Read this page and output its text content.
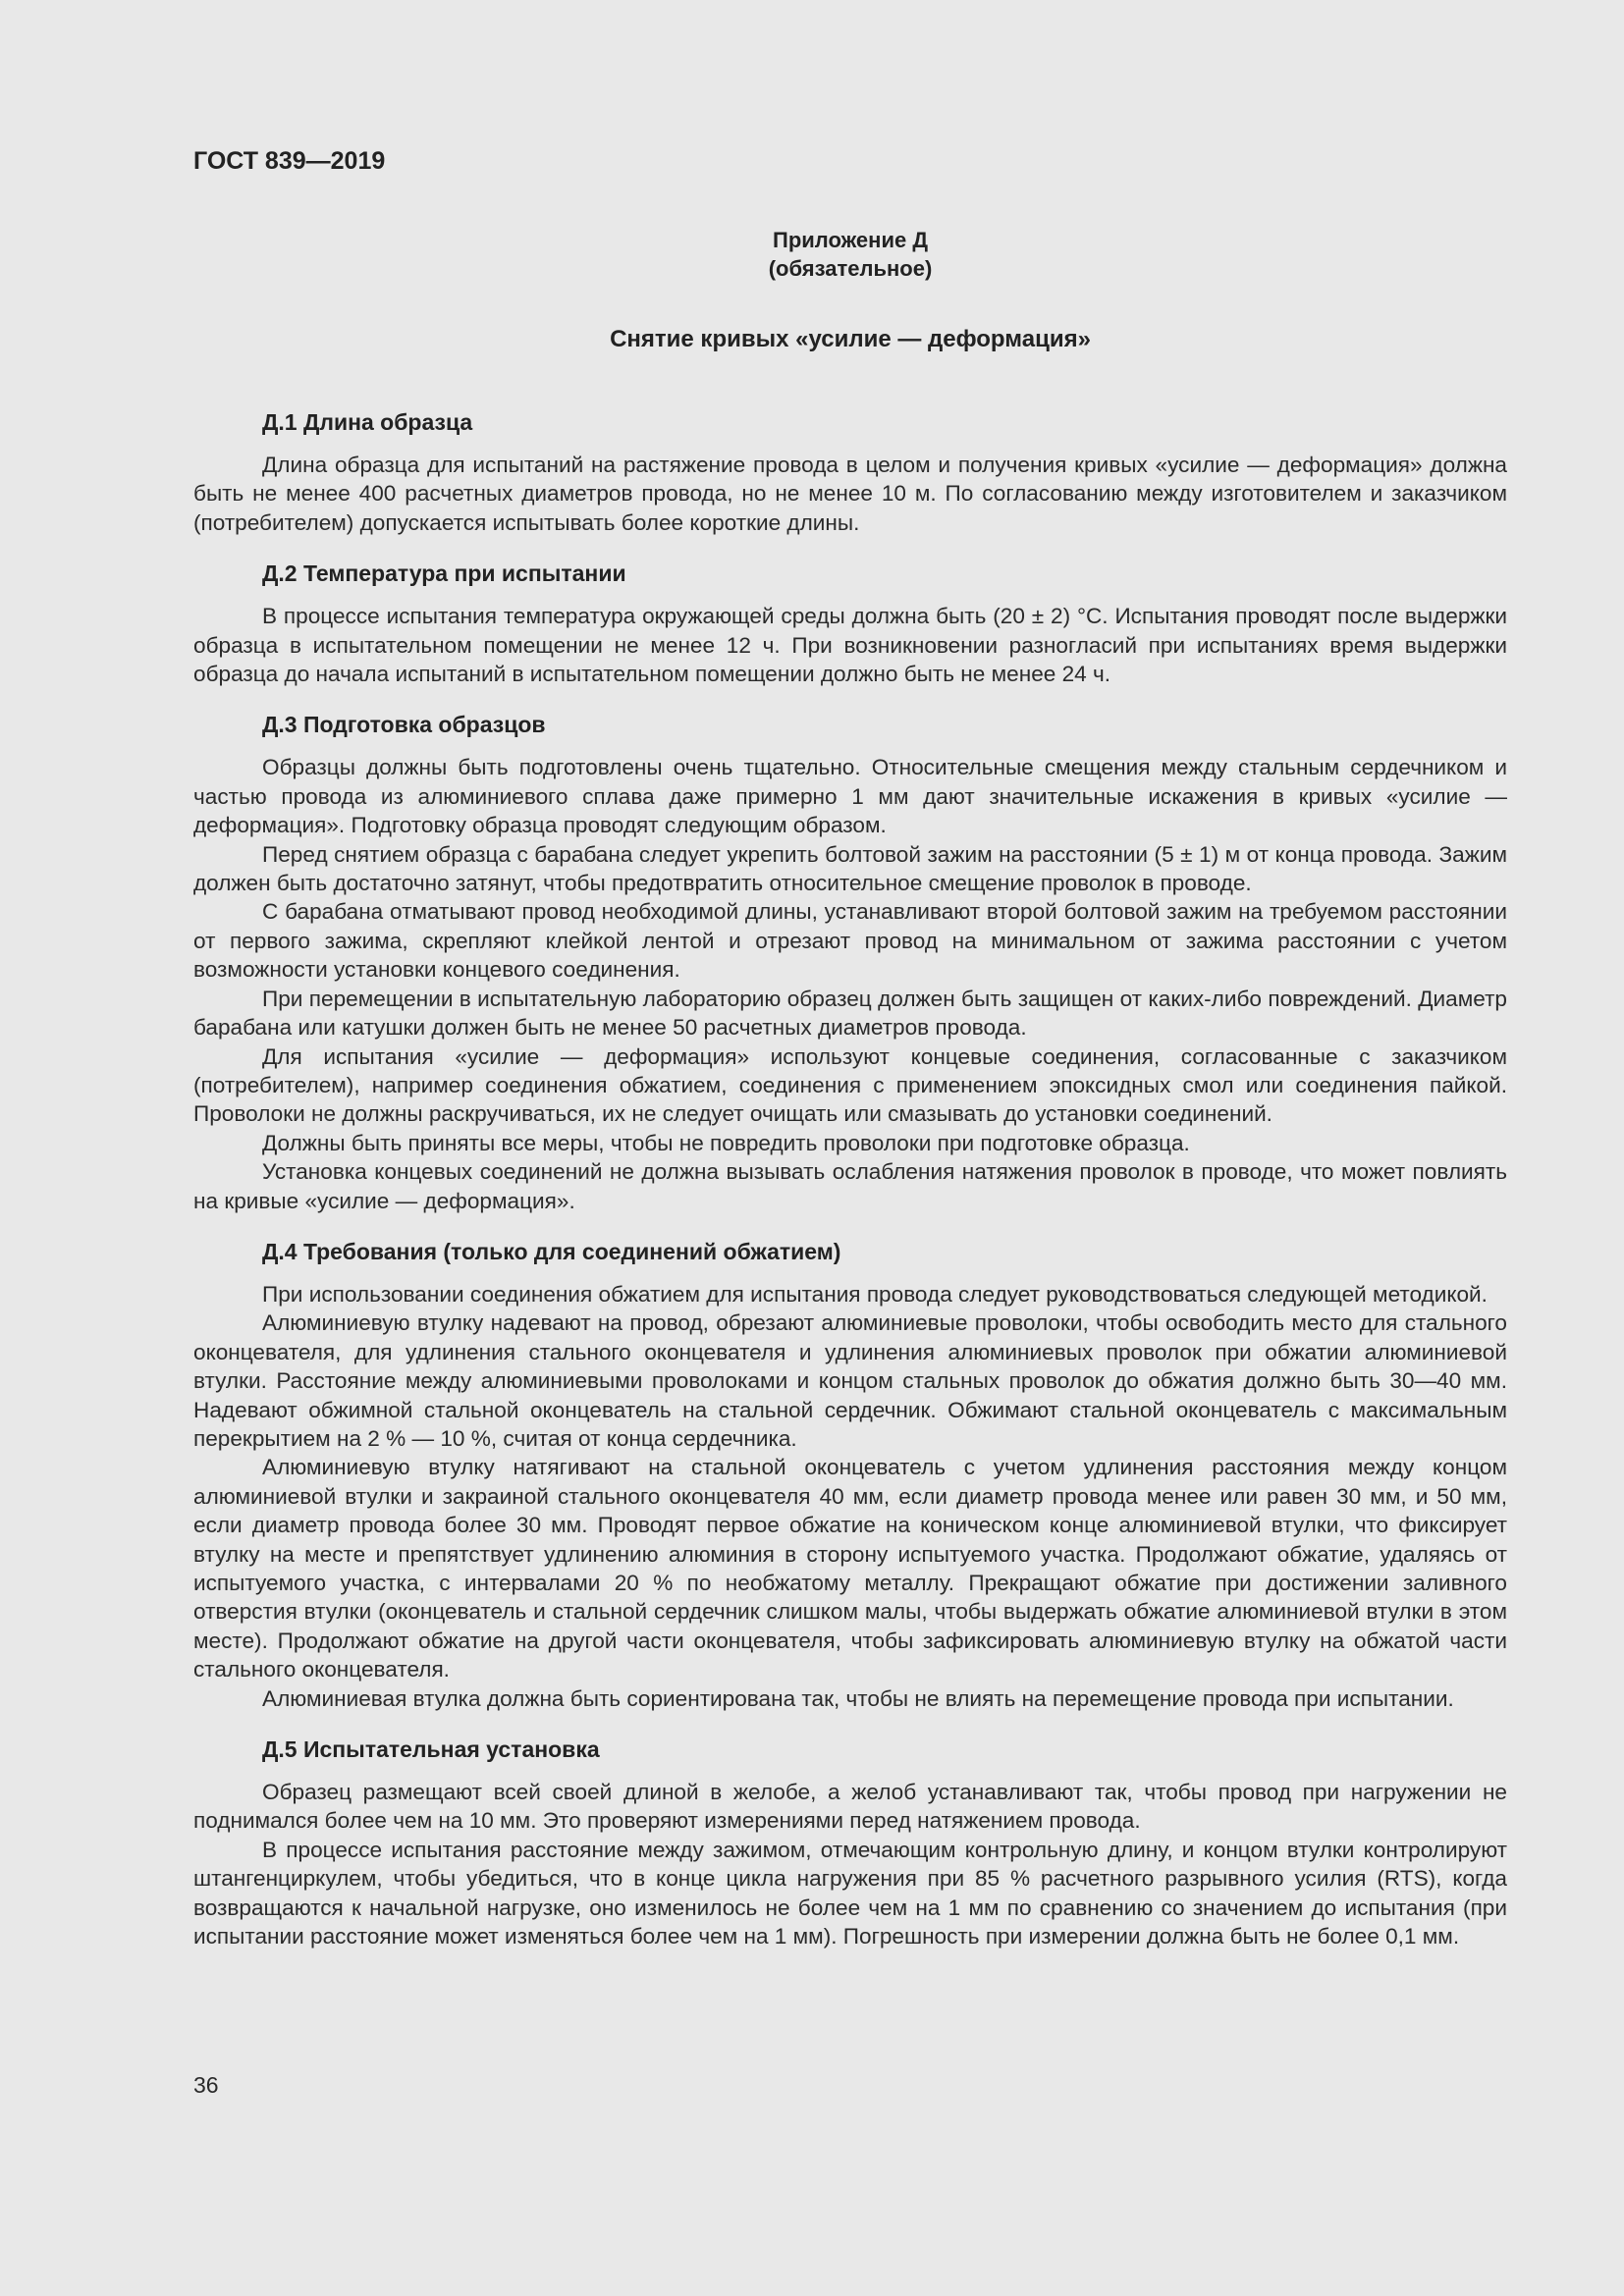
ГОСТ 839—2019
Приложение Д
(обязательное)
Снятие кривых «усилие — деформация»

Д.1 Длина образца

Длина образца для испытаний на растяжение провода в целом и получения кривых «усилие — деформация» должна быть не менее 400 расчетных диаметров провода, но не менее 10 м. По согласованию между изготовителем и заказчиком (потребителем) допускается испытывать более короткие длины.

Д.2 Температура при испытании

В процессе испытания температура окружающей среды должна быть (20 ± 2) °C. Испытания проводят после выдержки образца в испытательном помещении не менее 12 ч. При возникновении разногласий при испытаниях время выдержки образца до начала испытаний в испытательном помещении должно быть не менее 24 ч.

Д.3 Подготовка образцов

Образцы должны быть подготовлены очень тщательно. Относительные смещения между стальным сердечником и частью провода из алюминиевого сплава даже примерно 1 мм дают значительные искажения в кривых «усилие — деформация». Подготовку образца проводят следующим образом.

Перед снятием образца с барабана следует укрепить болтовой зажим на расстоянии (5 ± 1) м от конца провода. Зажим должен быть достаточно затянут, чтобы предотвратить относительное смещение проволок в проводе.

С барабана отматывают провод необходимой длины, устанавливают второй болтовой зажим на требуемом расстоянии от первого зажима, скрепляют клейкой лентой и отрезают провод на минимальном от зажима расстоянии с учетом возможности установки концевого соединения.

При перемещении в испытательную лабораторию образец должен быть защищен от каких-либо повреждений. Диаметр барабана или катушки должен быть не менее 50 расчетных диаметров провода.

Для испытания «усилие — деформация» используют концевые соединения, согласованные с заказчиком (потребителем), например соединения обжатием, соединения с применением эпоксидных смол или соединения пайкой. Проволоки не должны раскручиваться, их не следует очищать или смазывать до установки соединений.

Должны быть приняты все меры, чтобы не повредить проволоки при подготовке образца.

Установка концевых соединений не должна вызывать ослабления натяжения проволок в проводе, что может повлиять на кривые «усилие — деформация».

Д.4 Требования (только для соединений обжатием)

При использовании соединения обжатием для испытания провода следует руководствоваться следующей методикой.

Алюминиевую втулку надевают на провод, обрезают алюминиевые проволоки, чтобы освободить место для стального оконцевателя, для удлинения стального оконцевателя и удлинения алюминиевых проволок при обжатии алюминиевой втулки. Расстояние между алюминиевыми проволоками и концом стальных проволок до обжатия должно быть 30—40 мм. Надевают обжимной стальной оконцеватель на стальной сердечник. Обжимают стальной оконцеватель с максимальным перекрытием на 2 % — 10 %, считая от конца сердечника.

Алюминиевую втулку натягивают на стальной оконцеватель с учетом удлинения расстояния между концом алюминиевой втулки и закраиной стального оконцевателя 40 мм, если диаметр провода менее или равен 30 мм, и 50 мм, если диаметр провода более 30 мм. Проводят первое обжатие на коническом конце алюминиевой втулки, что фиксирует втулку на месте и препятствует удлинению алюминия в сторону испытуемого участка. Продолжают обжатие, удаляясь от испытуемого участка, с интервалами 20 % по необжатому металлу. Прекращают обжатие при достижении заливного отверстия втулки (оконцеватель и стальной сердечник слишком малы, чтобы выдержать обжатие алюминиевой втулки в этом месте). Продолжают обжатие на другой части оконцевателя, чтобы зафиксировать алюминиевую втулку на обжатой части стального оконцевателя.

Алюминиевая втулка должна быть сориентирована так, чтобы не влиять на перемещение провода при испытании.

Д.5 Испытательная установка

Образец размещают всей своей длиной в желобе, а желоб устанавливают так, чтобы провод при нагружении не поднимался более чем на 10 мм. Это проверяют измерениями перед натяжением провода.

В процессе испытания расстояние между зажимом, отмечающим контрольную длину, и концом втулки контролируют штангенциркулем, чтобы убедиться, что в конце цикла нагружения при 85 % расчетного разрывного усилия (RTS), когда возвращаются к начальной нагрузке, оно изменилось не более чем на 1 мм по сравнению со значением до испытания (при испытании расстояние может изменяться более чем на 1 мм). Погрешность при измерении должна быть не более 0,1 мм.

36
